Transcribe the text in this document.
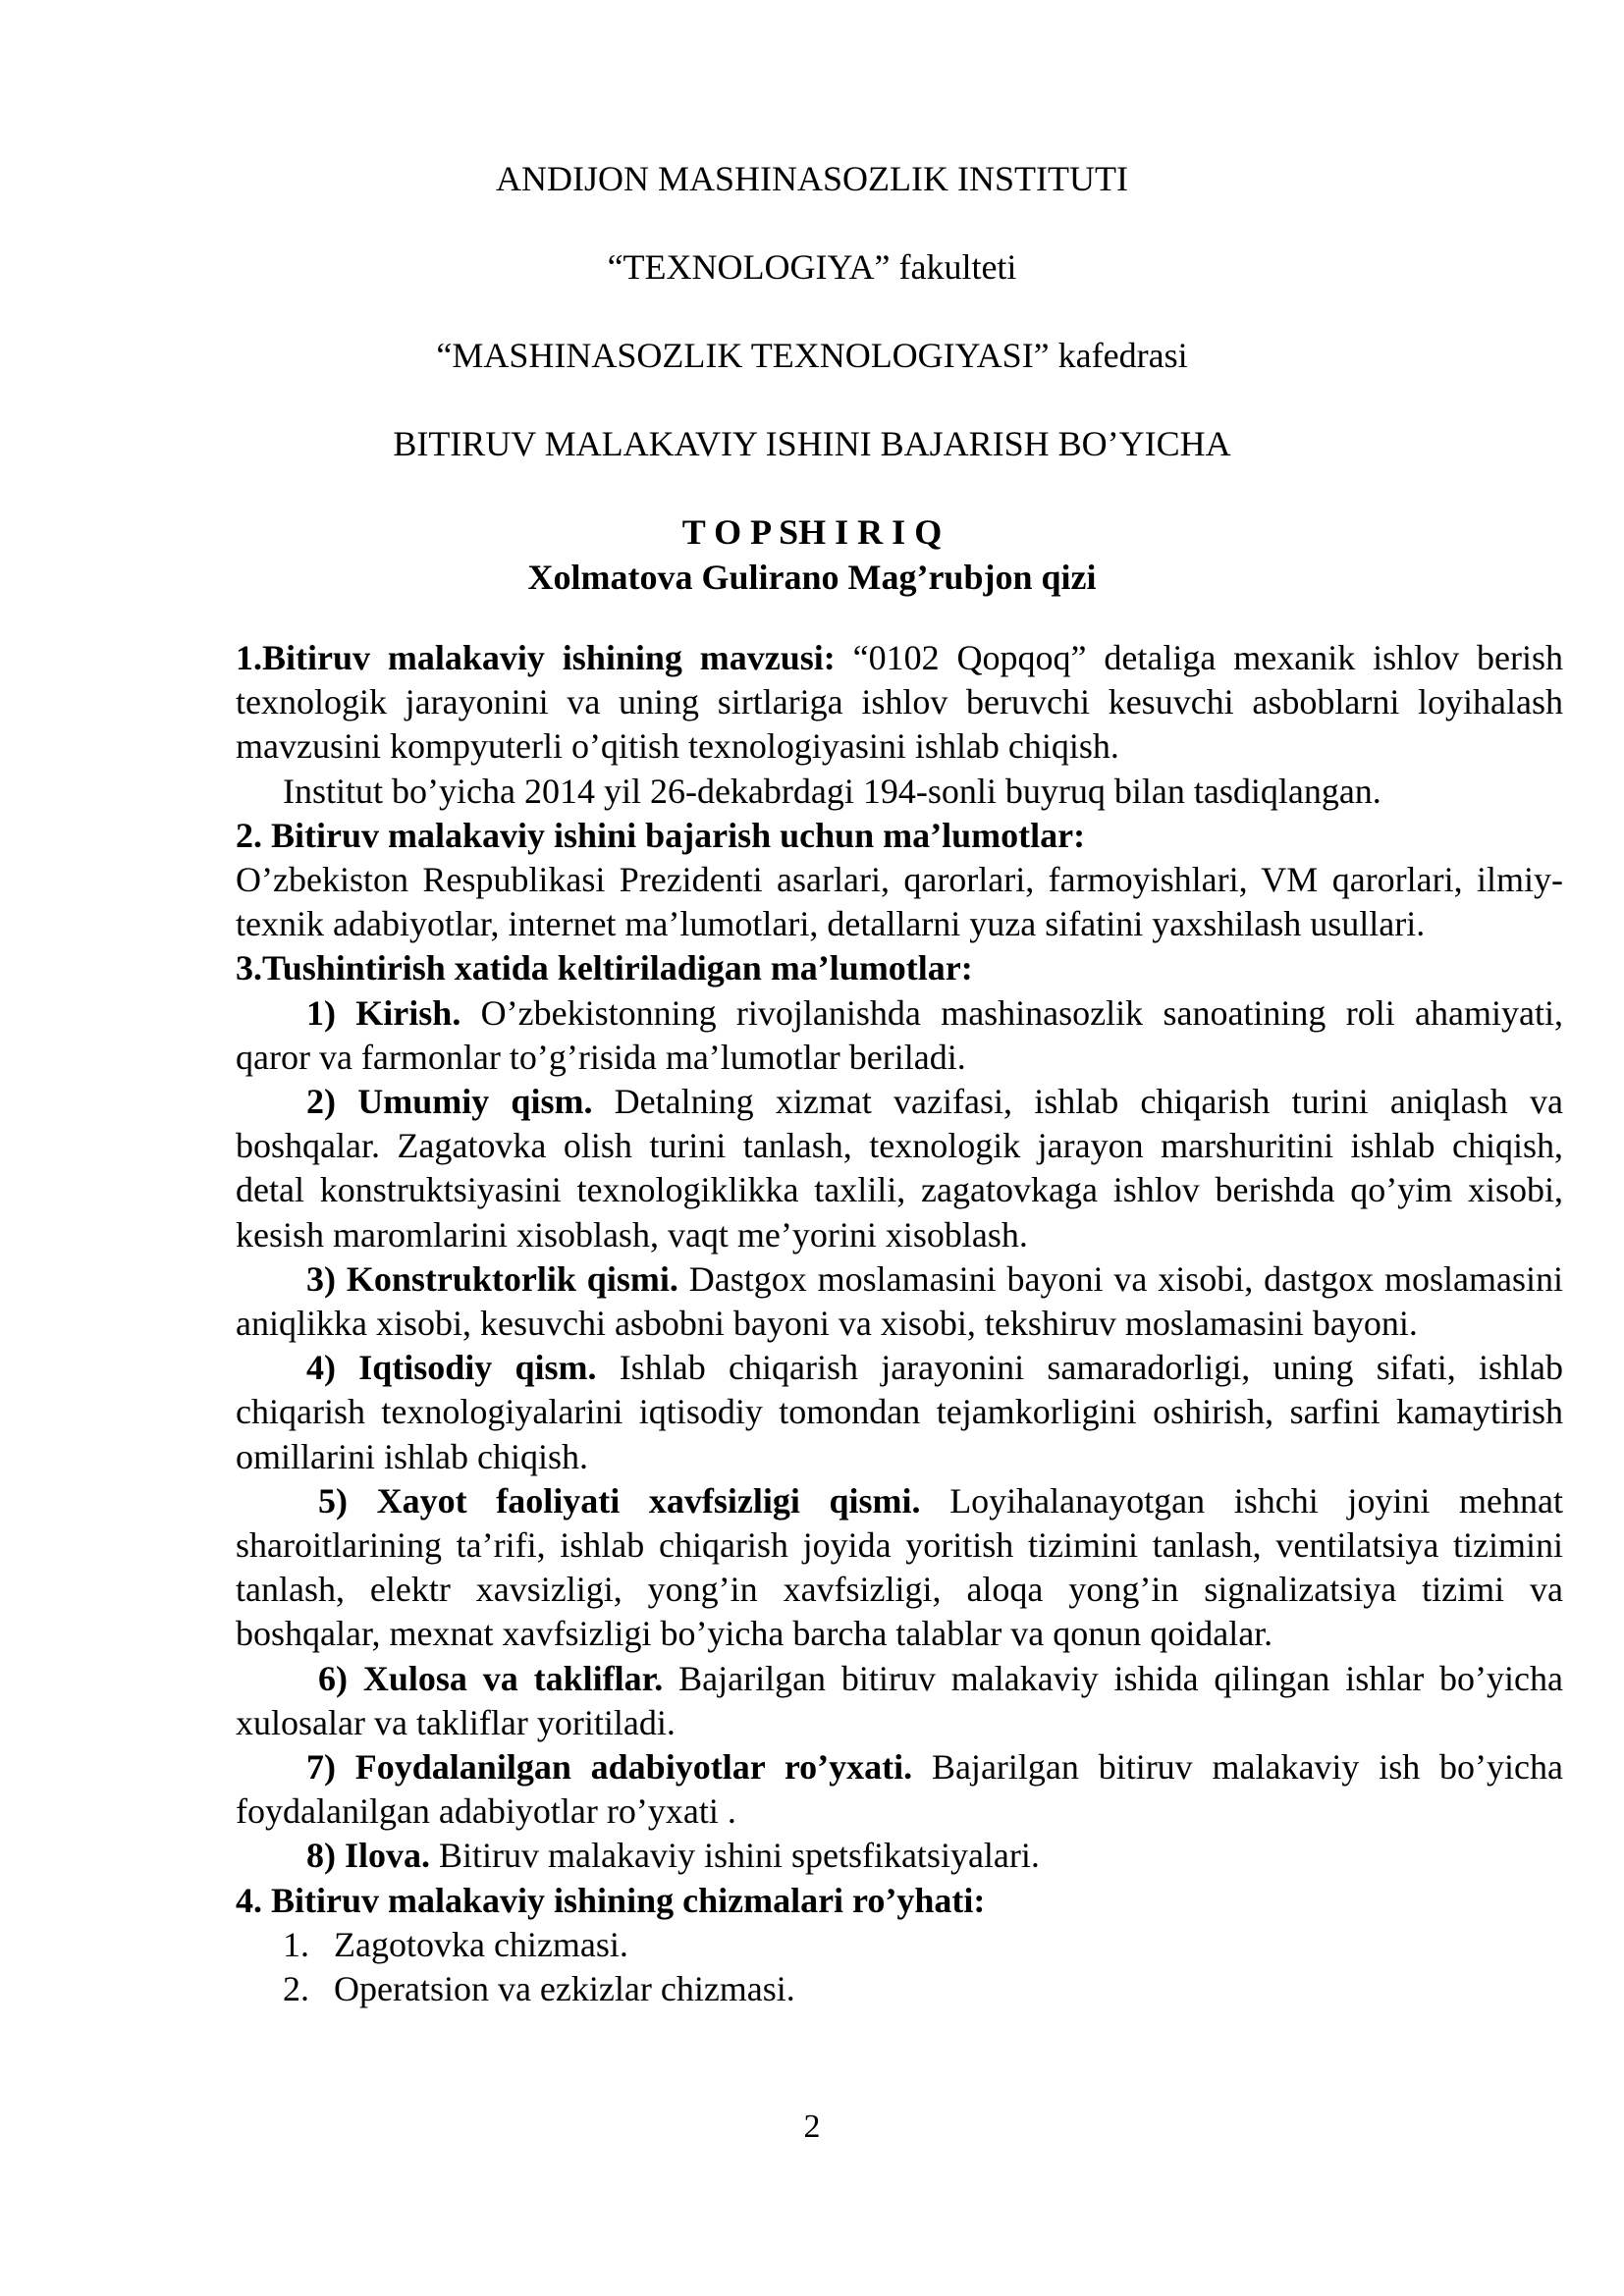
ANDIJON MASHINASOZLIK INSTITUTI
“TEXNOLOGIYA” fakulteti
“MASHINASOZLIK TEXNOLOGIYASI” kafedrasi
BITIRUV MALAKAVIY ISHINI BAJARISH BO’YICHA
T O P SH I R I Q
Xolmatova Gulirano Mag’rubjon qizi

1.Bitiruv malakaviy ishining mavzusi: “0102 Qopqoq” detaliga mexanik ishlov berish texnologik jarayonini va uning sirtlariga ishlov beruvchi kesuvchi asboblarni loyihalash mavzusini kompyuterli o’qitish texnologiyasini ishlab chiqish.

Institut bo’yicha 2014 yil 26-dekabrdagi 194-sonli buyruq bilan tasdiqlangan.

2. Bitiruv malakaviy ishini bajarish uchun ma’lumotlar:

O’zbekiston Respublikasi Prezidenti asarlari, qarorlari, farmoyishlari, VM qarorlari, ilmiy-texnik adabiyotlar, internet ma’lumotlari, detallarni yuza sifatini yaxshilash usullari.

3.Tushintirish xatida keltiriladigan ma’lumotlar:

1) Kirish. O’zbekistonning rivojlanishda mashinasozlik sanoatining roli ahamiyati, qaror va farmonlar to’g’risida ma’lumotlar beriladi.

2) Umumiy qism. Detalning xizmat vazifasi, ishlab chiqarish turini aniqlash va boshqalar. Zagatovka olish turini tanlash, texnologik jarayon marshuritini ishlab chiqish, detal konstruktsiyasini texnologiklikka taxlili, zagatovkaga ishlov berishda qo’yim xisobi, kesish maromlarini xisoblash, vaqt me’yorini xisoblash.

3) Konstruktorlik qismi. Dastgox moslamasini bayoni va xisobi, dastgox moslamasini aniqlikka xisobi, kesuvchi asbobni bayoni va xisobi, tekshiruv moslamasini bayoni.

4) Iqtisodiy qism. Ishlab chiqarish jarayonini samaradorligi, uning sifati, ishlab chiqarish texnologiyalarini iqtisodiy tomondan tejamkorligini oshirish, sarfini kamaytirish omillarini ishlab chiqish.

5) Xayot faoliyati xavfsizligi qismi. Loyihalanayotgan ishchi joyini mehnat sharoitlarining ta’rifi, ishlab chiqarish joyida yoritish tizimini tanlash, ventilatsiya tizimini tanlash, elektr xavsizligi, yong’in xavfsizligi, aloqa yong’in signalizatsiya tizimi va boshqalar, mexnat xavfsizligi bo’yicha barcha talablar va qonun qoidalar.

6) Xulosa va takliflar. Bajarilgan bitiruv malakaviy ishida qilingan ishlar bo’yicha xulosalar va takliflar yoritiladi.

7) Foydalanilgan adabiyotlar ro’yxati. Bajarilgan bitiruv malakaviy ish bo’yicha foydalanilgan adabiyotlar ro’yxati .

8) Ilova. Bitiruv malakaviy ishini spetsfikatsiyalari.

4. Bitiruv malakaviy ishining chizmalari ro’yhati:

1. Zagotovka chizmasi.

2. Operatsion va ezkizlar chizmasi.

2
